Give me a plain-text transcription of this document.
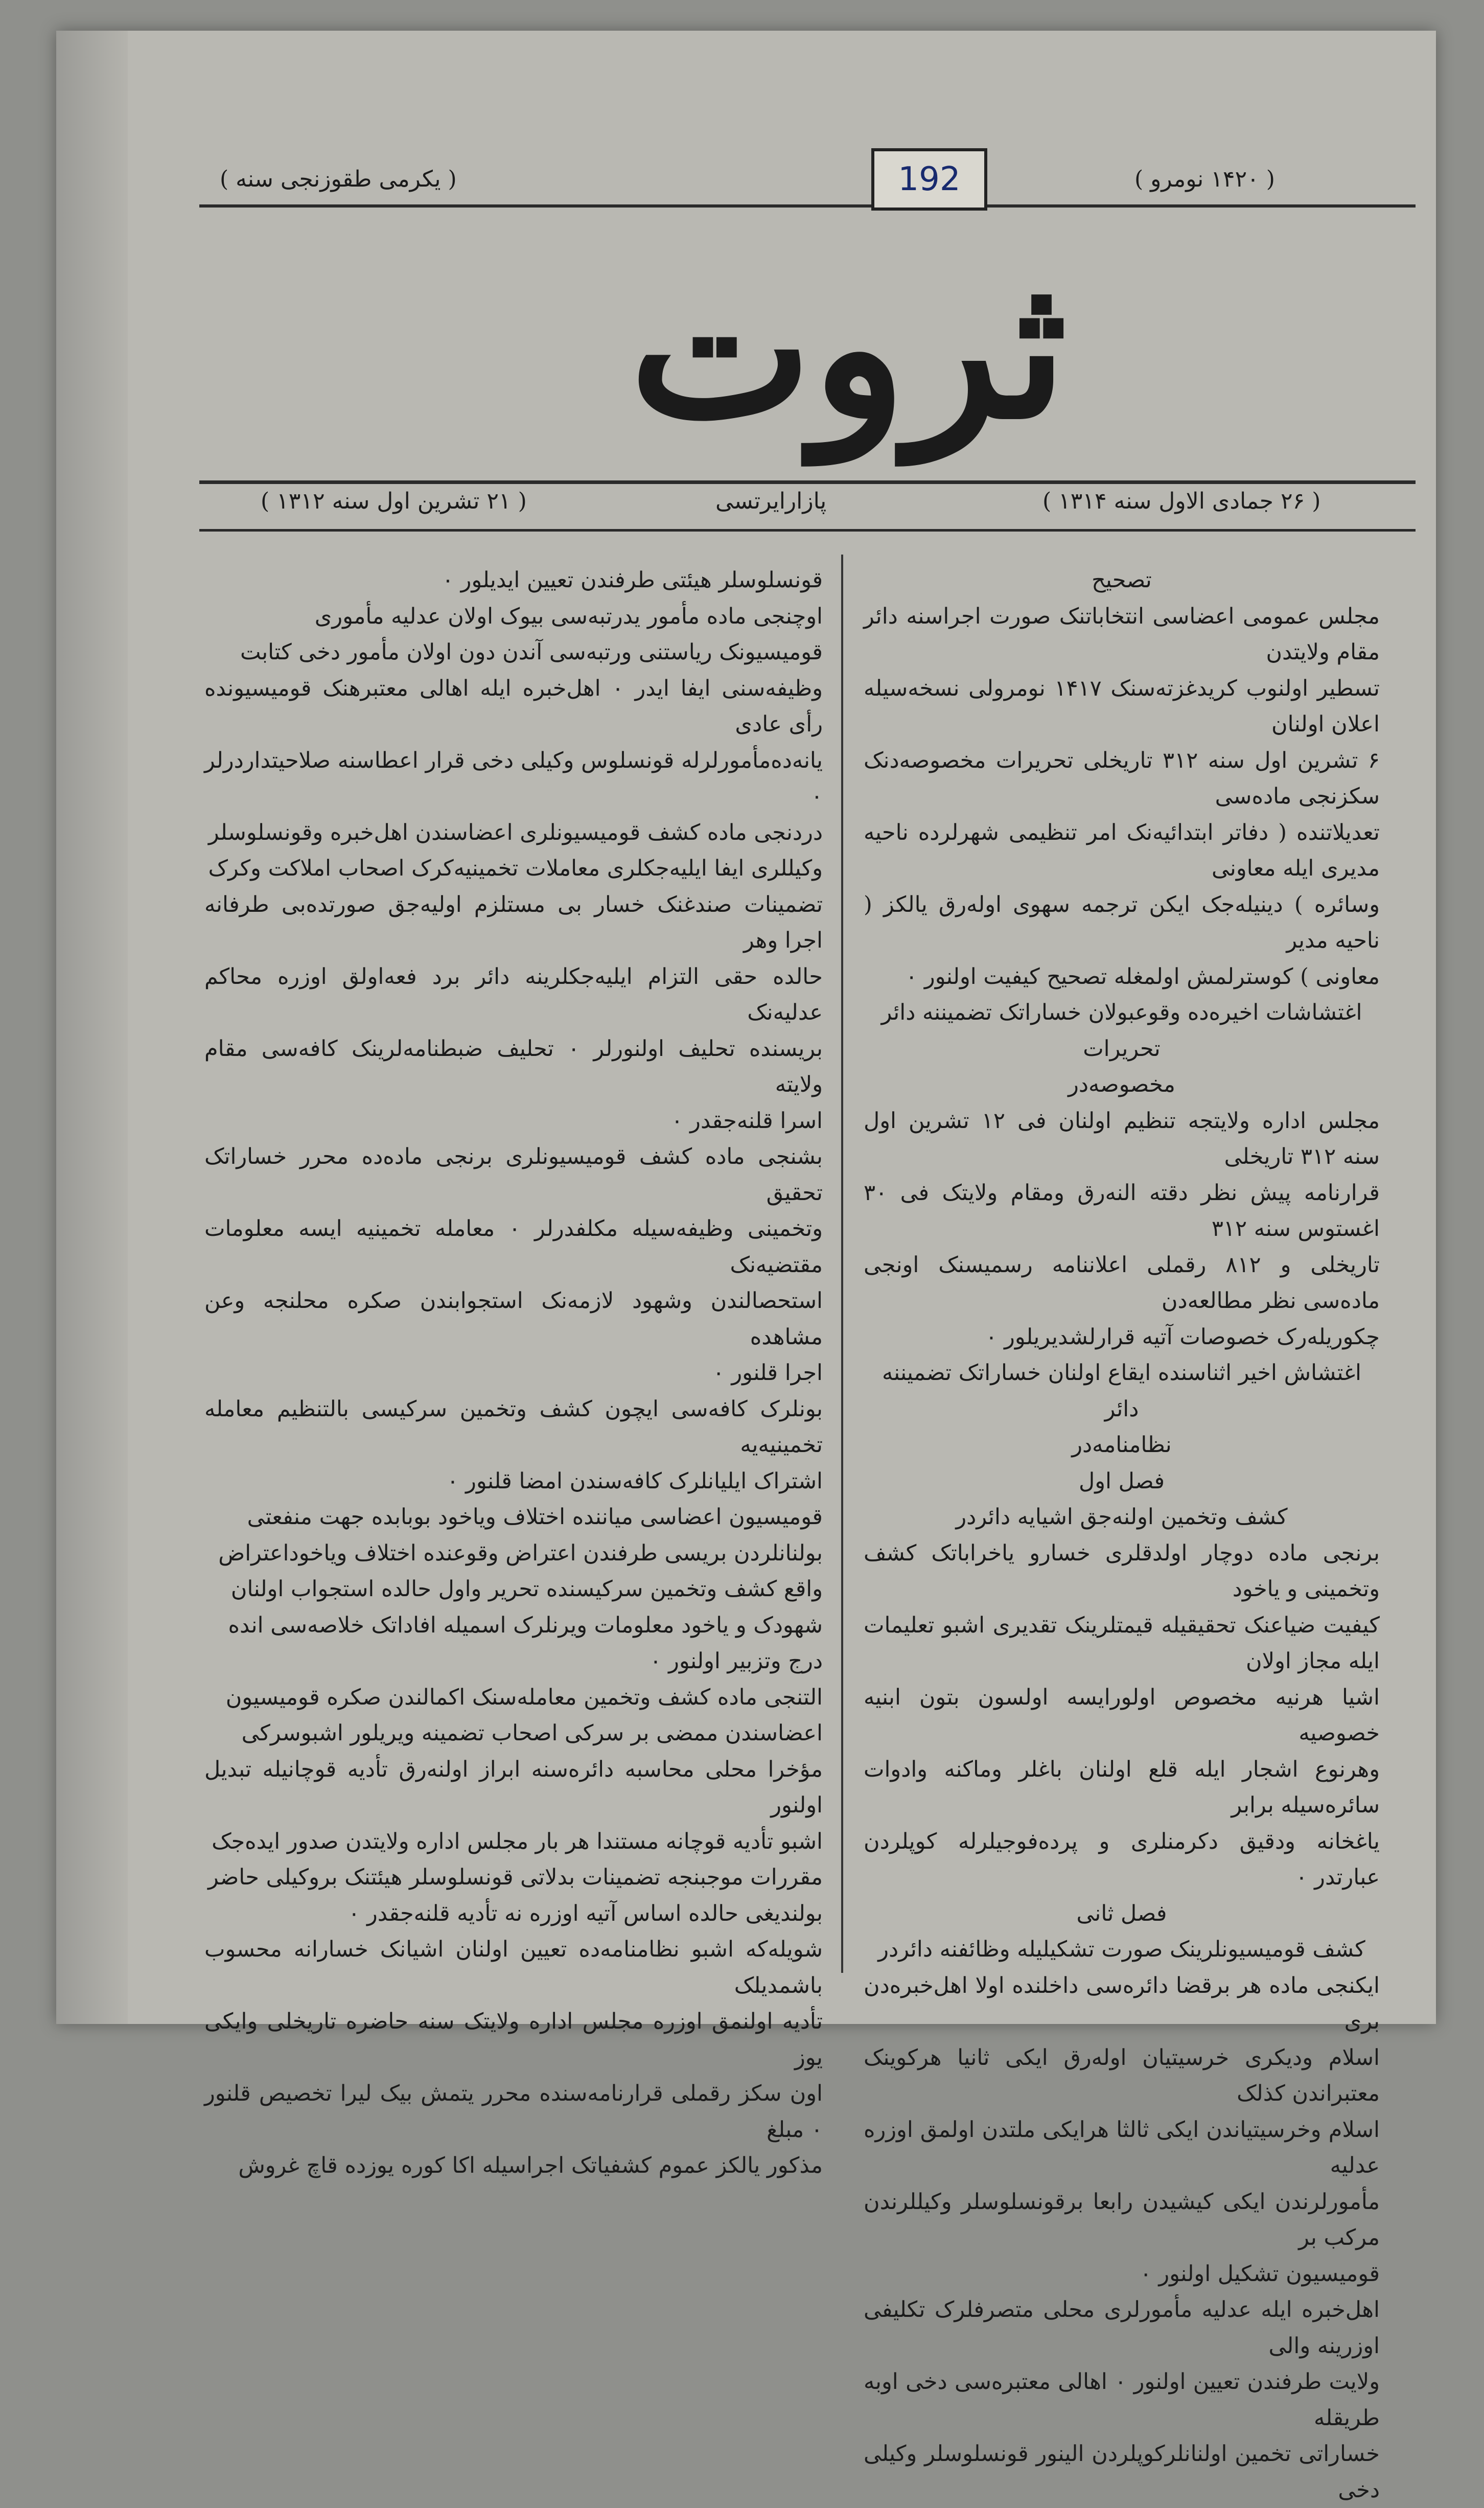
( یکرمی طقوزنجی سنه )	( ۱۴۲۰ نومرو )
192
ثروت
( ۲۱ تشرین اول سنه ۱۳۱۲ )	پازارایرتسی	( ۲۶ جمادی الاول سنه ۱۳۱۴ )

تصحیح

مجلس عمومی اعضاسی انتخاباتنک صورت اجراسنه دائر مقام ولایتدن

تسطیر اولنوب کریدغزته‌سنک ۱۴۱۷ نومرولی نسخه‌سیله اعلان اولنان

۶ تشرین اول سنه ۳۱۲ تاریخلی تحریرات مخصوصه‌دنک سکزنجی ماده‌سی

تعدیلاتنده ( دفاتر ابتدائیه‌نک امر تنظیمی شهرلرده ناحیه مدیری ایله معاونی

وسائره ) دینیله‌جک ایکن ترجمه سهوی اوله‌رق یالکز ( ناحیه مدیر

معاونی ) کوسترلمش اولمغله تصحیح کیفیت اولنور ۰

اغتشاشات اخیره‌ده وقوعبولان خساراتک تضمیننه دائر تحریرات

مخصوصه‌در

مجلس اداره ولایتجه تنظیم اولنان فی ۱۲ تشرین اول سنه ۳۱۲ تاریخلی

قرارنامه پیش نظر دقته النه‌رق ومقام ولایتک فی ۳۰ اغستوس سنه ۳۱۲

تاریخلی و ۸۱۲ رقملی اعلاننامه رسمیسنک اونجی ماده‌سی نظر مطالعه‌دن

چکوریله‌رک خصوصات آتیه قرارلشدیریلور ۰

اغتشاش اخیر اثناسنده ایقاع اولنان خساراتک تضمیننه دائر

نظامنامه‌در

فصل اول

کشف وتخمین اولنه‌جق اشیایه دائردر

برنجی ماده دوچار اولدقلری خسارو یاخراباتک کشف وتخمینی و یاخود

کیفیت ضیاعنک تحقیقیله قیمتلرینک تقدیری اشبو تعلیمات ایله مجاز اولان

اشیا هرنیه مخصوص اولورایسه اولسون بتون ابنیه خصوصیه

وهرنوع اشجار ایله قلع اولنان باغلر وماکنه وادوات سائره‌سیله برابر

یاغخانه ودقیق دکرمنلری و پرده‌فوجیلرله کوپلردن عبارتدر ۰

فصل ثانی

کشف قومیسیونلرینک صورت تشکیلیله وظائفنه دائردر

ایکنجی ماده هر برقضا دائره‌سی داخلنده اولا اهل‌خبره‌دن بری

اسلام ودیکری خرسیتیان اوله‌رق ایکی ثانیا هرکوینک معتبراندن کذلک

اسلام وخرسیتیاندن ایکی ثالثا هرایکی ملتدن اولمق اوزره عدلیه

مأمورلرندن ایکی کیشیدن رابعا برقونسلوسلر وکیللرندن مرکب بر

قومیسیون تشکیل اولنور ۰

اهل‌خبره ایله عدلیه مأمورلری محلی متصرفلرک تکلیفی اوزرینه والی

ولایت طرفندن تعیین اولنور ۰ اهالی معتبره‌سی دخی اوبه طریقله

خساراتی تخمین اولنانلرکوپلردن الینور قونسلوسلر وکیلی دخی

قونسلوسلر هیئتی طرفندن تعیین ایدیلور ۰

اوچنجی ماده مأمور یدرتبه‌سی بیوک اولان عدلیه مأموری

قومیسیونک ریاستنی ورتبه‌سی آندن دون اولان مأمور دخی کتابت

وظیفه‌سنی ایفا ایدر ۰ اهل‌خبره ایله اهالی معتبرهنک قومیسیونده رأی عادی

یانه‌ده‌مأمورلرله قونسلوس وکیلی دخی قرار اعطاسنه صلاحیتداردرلر ۰

دردنجی ماده کشف قومیسیونلری اعضاسندن اهل‌خبره وقونسلوسلر

وکیللری ایفا ایلیه‌جکلری معاملات تخمینیه‌کرک اصحاب املاکت وکرک

تضمینات صندغنک خسار بی مستلزم اولیه‌جق صورتده‌بی طرفانه اجرا وهر

حالده حقی التزام ایلیه‌جکلرینه دائر برد فعه‌اولق اوزره محاکم عدلیه‌نک

بریسنده تحلیف اولنورلر ۰ تحلیف ضبطنامه‌لرینک کافه‌سی مقام ولایته

اسرا قلنه‌جقدر ۰

بشنجی ماده کشف قومیسیونلری برنجی ماده‌ده محرر خساراتک تحقیق

وتخمینی وظیفه‌سیله مکلفدرلر ۰ معامله تخمینیه ایسه معلومات مقتضیه‌نک

استحصالندن وشهود لازمه‌نک استجوابندن صکره محلنجه وعن مشاهده

اجرا قلنور ۰

بونلرک کافه‌سی ایچون کشف وتخمین سرکیسی بالتنظیم معامله تخمینیه‌یه

اشتراک ایلیانلرک کافه‌سندن امضا قلنور ۰

قومیسیون اعضاسی میاننده اختلاف ویاخود بوبابده جهت منفعتی

بولنانلردن بریسی طرفندن اعتراض وقوعنده اختلاف ویاخوداعتراض

واقع کشف وتخمین سرکیسنده تحریر واول حالده استجواب اولنان

شهودک و یاخود معلومات ویرنلرک اسمیله افاداتک خلاصه‌سی انده

درج وتزبیر اولنور ۰

التنجی ماده کشف وتخمین معامله‌سنک اکمالندن صکره قومیسیون

اعضاسندن ممضی بر سرکی اصحاب تضمینه ویریلور اشبوسرکی

مؤخرا محلی محاسبه دائره‌سنه ابراز اولنه‌رق تأدیه قوچانیله تبدیل اولنور

اشبو تأدیه قوچانه مستندا هر بار مجلس اداره ولایتدن صدور ایده‌جک

مقررات موجبنجه تضمینات بدلاتی قونسلوسلر هیئتنک بروکیلی حاضر

بولندیغی حالده اساس آتیه اوزره نه تأدیه قلنه‌جقدر ۰

شویله‌که اشبو نظامنامه‌ده تعیین اولنان اشیانک خسارانه محسوب باشمدیلک

تأدیه اولنمق اوزره مجلس اداره ولایتک سنه حاضره تاریخلی وایکی یوز

اون سکز رقملی قرارنامه‌سنده محرر یتمش بیک لیرا تخصیص قلنور ۰ مبلغ

مذکور یالکز عموم کشفیاتک اجراسیله اکا کوره یوزده قاچ غروش
